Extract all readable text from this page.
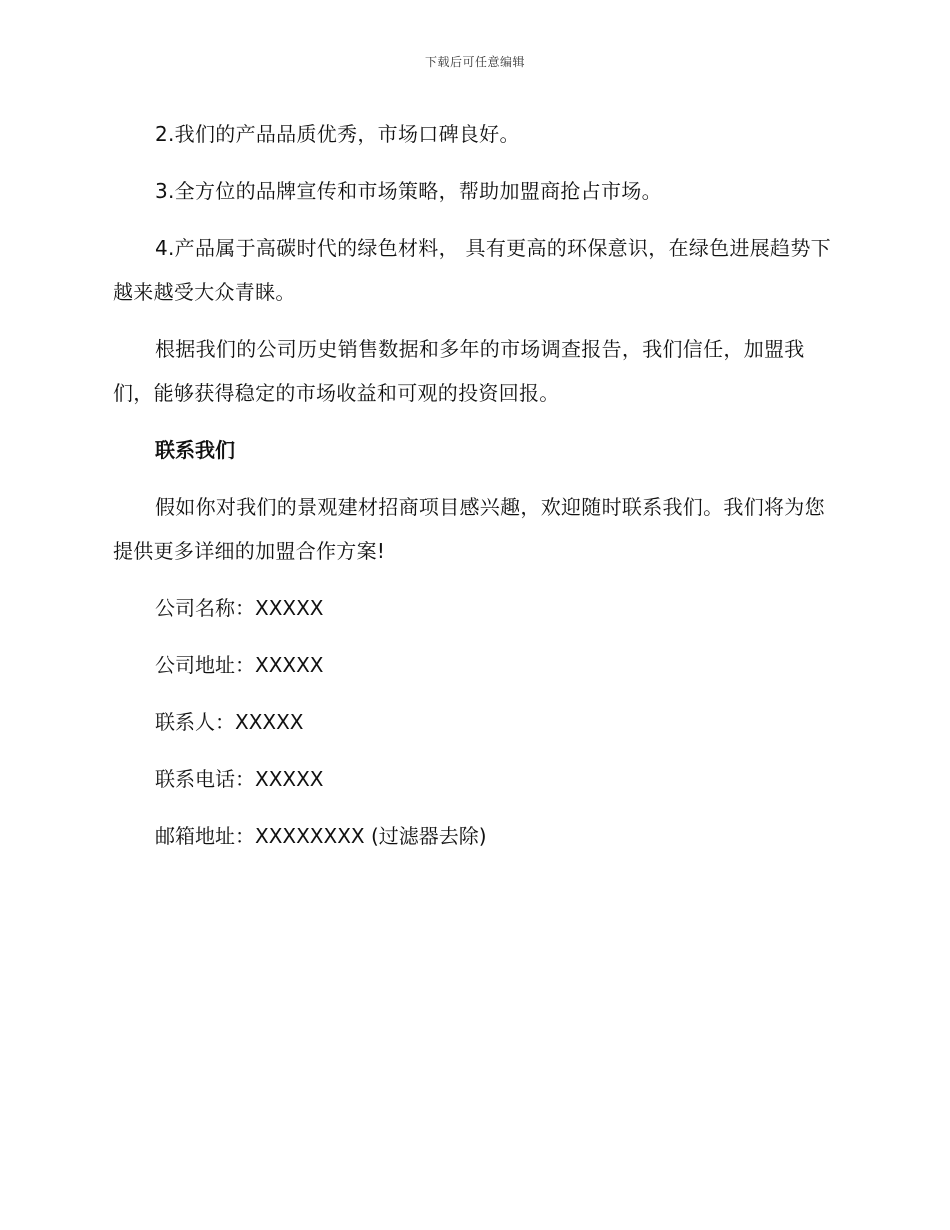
下载后可任意编辑

2.我们的产品品质优秀，市场口碑良好。

3.全方位的品牌宣传和市场策略，帮助加盟商抢占市场。

4.产品属于高碳时代的绿色材料， 具有更高的环保意识，在绿色进展趋势下越来越受大众青睐。

根据我们的公司历史销售数据和多年的市场调查报告，我们信任，加盟我们，能够获得稳定的市场收益和可观的投资回报。

联系我们

假如你对我们的景观建材招商项目感兴趣，欢迎随时联系我们。我们将为您提供更多详细的加盟合作方案!

公司名称：XXXXX

公司地址：XXXXX

联系人：XXXXX

联系电话：XXXXX

邮箱地址：XXXXXXXX (过滤器去除)
